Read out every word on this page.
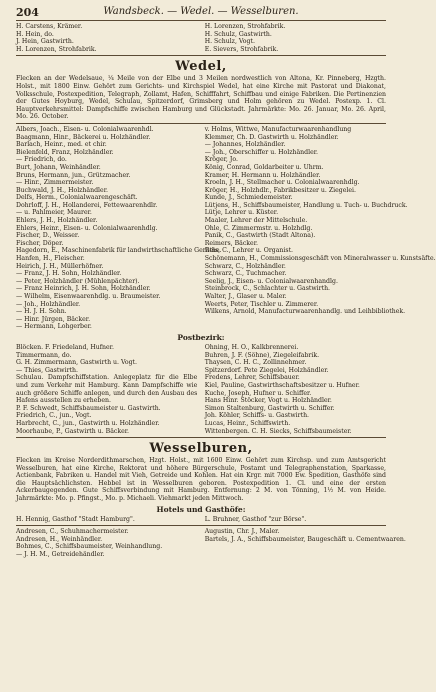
204	Wandsbeck. — Wedel. — Wesselburen.
H. Carstens, Krämer.
H. Hein, do.
J. Hein, Gastwirth.
H. Lorenzen, Strohfabrik.
H. Lorenzen, Strohfabrik.
H. Schulz, Gastwirth.
H. Schulz, Vogt.
E. Sievers, Strohfabrik.
Wedel,
Flecken an der Wedelsaue, ¼ Meile von der Elbe und 3 Meilen nordwestlich von Altona, Kr. Pinneberg, Hzgth. Holst., mit 1800 Einw. Gehört zum Gerichts- und Kirchspiel Wedel, hat eine Kirche mit Pastorat und Diakonat, Volksschule, Postexpedition, Telegraph, Zollamt, Hafen, Schifffahrt, Schiffbau und einige Fabriken. Die Pertinenzien der Gutes Hoyburg, Wedel, Schulau, Spitzerdorf, Grimsberg und Holm gehören zu Wedel. Postexp. 1. Cl. Hauptverkehrsmittel: Dampfschiffe zwischen Hamburg und Glückstadt. Jahrmärkte: Mo. 26. Januar, Mo. 26. April, Mo. 26. October.
Albers, Joach., Eisen- u. Colonialwaarenhdl.
Baagmann, Hinr., Bäckerei u. Holzhändler.
Barlach, Heinr., med. et chir.
Bielenfeld, Franz, Holzhändler.
— Friedrich, do.
Burt, Johann, Weinhändler.
Bruns, Hermann, jun., Grützmacher.
— Hinr., Zimmermeister.
Buchwald, J. H., Holzhändler.
Delfs, Herm., Colonialwaarengeschäft.
Dohrloff, J. H., Hollanderei, Fettewaarenhdlr.
— u. Pahlmeier, Maurer.
Ehlers, J. H., Holzhändler.
Ehlers, Heinr., Eisen- u. Colonialwaarenhdlg.
Fischer, D., Weisser.
Fischer, Döper.
Hagedorn, E., Maschinenfabrik für landwirthschaftliche Geräthe.
Hanfen, H., Fleischer.
Heirich, J. H., Müllerhöfner.
— Franz, J. H. Sohn, Holzhändler.
— Peter, Holzhändler (Mühlenpächter).
— Franz Heinrich, J. H. Sohn, Holzhändler.
— Wilhelm, Eisenwaarenhdlg. u. Braumeister.
— Joh., Holzhändler.
— H. J. H. Sohn.
— Hinr. Jürgen, Bäcker.
— Hermann, Lohgerber.
v. Holms, Wittwe, Manufacturwaarenhandlung
Klemmer, Ch. D. Gastwirth u. Holzhändler.
— Johannes, Holzhändler.
— Joh., Oberschiffer u. Holzhändler.
Kröger, Jo.
König, Conrad, Goldarbeiter u. Uhrm.
Kramer, H. Hermann u. Holzhändler.
Kroeln, J. H., Stellmacher u. Colonialwaarenhdlg.
Kröger, H., Holzhdlr., Fabrikbesitzer u. Ziegelei.
Kunde, J., Schmiedemeister.
Lütjens, H., Schiffsbaumeister, Handlung u. Tuch- u. Buchdruck.
Lütje, Lehrer u. Küster.
Maaler, Lehrer der Mittelschule.
Ohle, C. Zimmermstr. u. Holzhdlg.
Panik, C., Gastwirth (Stadt Altona).
Reimers, Bäcker.
Reis, C., Lehrer u. Organist.
Schönemann, H., Commissionsgeschäft von Mineralwasser u. Kunstsäfte.
Schwarz, C., Holzhändler.
Schwarz, C., Tuchmacher.
Seelig, J., Eisen- u. Colonialwaarenhandlg.
Steinbrock, C., Schlachter u. Gastwirth.
Walter, J., Glaser u. Maler.
Weerts, Peter, Tischler u. Zimmerer.
Wilkens, Arnold, Manufacturwaarenhandlg. und Leihbibliothek.
Postbezirk:
Blöcken. F. Friedeland, Hufner.
Timmermann, do.
G. H. Zimmermann, Gastwirth u. Vogt.
— Thies, Gastwirth.
Schulau. Dampfschiffstation. Anlegeplatz für die Elbe und zum Verkehr mit Hamburg. Kann Dampfschiffe wie auch größere Schiffe anlegen, und durch den Ausbau des Hafens ausstellen zu erheben.
P. F. Schwedt, Schiffsbaumeister u. Gastwirth.
Friedrich, C., jun., Vogt.
Harbrecht, C., jun., Gastwirth u. Holzhändler.
Moorhaube, P., Gastwirth u. Bäcker.
Ohning, H. O., Kalkbrennerei.
Buhren, J. F. (Söhne), Ziegeleifabrik.
Thaysen, C. H. C., Zollinnehmer.
Spitzerdorf. Pete Ziegelei, Holzhändler.
Fredens, Lehrer, Schiffsbauer.
Kiel, Pauline, Gastwirthschaftsbesitzer u. Hufner.
Kuche, Joseph, Hufner u. Schiffer.
Hans Hinr. Stöcker, Vogt u. Holzhändler.
Simon Staltenburg, Gastwirth u. Schiffer.
Joh. Köhler, Schiffs- u. Gastwirth.
Lucas, Heinr., Schiffswirth.
Wittenbergen. C. H. Siecks, Schiffsbaumeister.
Wesselburen,
Flecken im Kreise Norderdithmarschen, Hzgt. Holst., mit 1600 Einw. Gehört zum Kirchsp. und zum Amtsgericht Wesselburen, hat eine Kirche, Rektorat und höhere Bürgerschule, Postamt und Telegraphenstation, Sparkasse, Actienbank, Fabriken u. Handel mit Vieh, Getreide und Kohlen. Hat ein Krgr. mit 7000 Ew. Spedition, Gasthöfe sind die Hauptsächlichsten. Hebbel ist in Wesselburen geboren. Postexpedition 1. Cl. und eine der ersten Ackerbaugegenden. Gute Schiffsverbindung mit Hamburg. Entfernung: 2 M. von Tönning, 1½ M. von Heide. Jahrmärkte: Mo. p. Pfingst., Mo. p. Michaeli. Viehmarkt jeden Mittwoch.
Hotels und Gasthöfe:
H. Hennig, Gasthof "Stadt Hamburg".	L. Bruhner, Gasthof "zur Börse".
Andresen, C., Schuhmachermeister.
Andresen, H., Weinhändler.
Bohmes, C., Schiffsbaumeister, Weinhandlung.
— J. H. M., Getreidehändler.
Augustin, Chr. J., Maler.
Bartels, J. A., Schiffsbaumeister, Baugeschäft u. Cementwaaren.
